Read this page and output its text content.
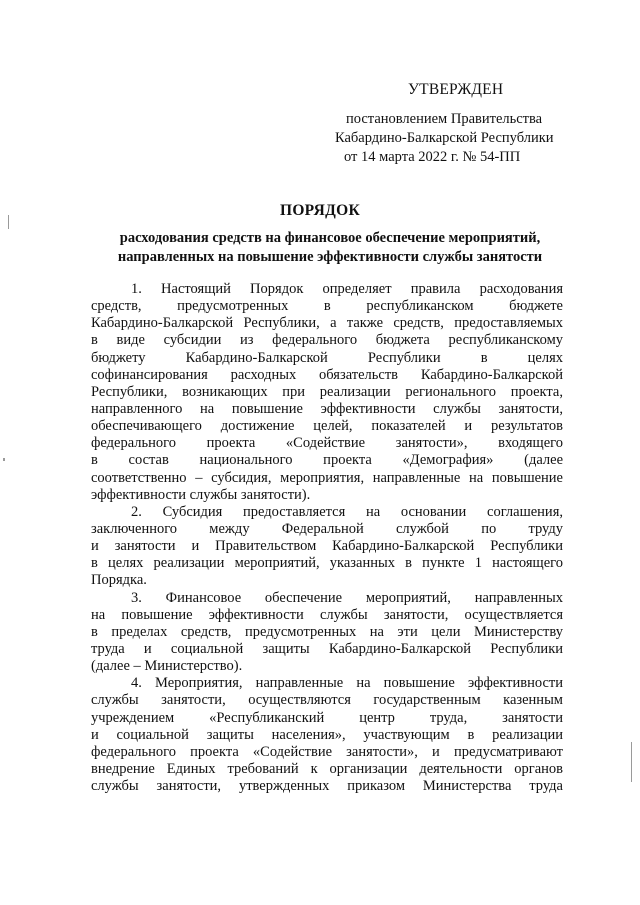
УТВЕРЖДЕН
постановлением Правительства
Кабардино-Балкарской Республики
от 14 марта 2022 г. № 54-ПП
ПОРЯДОК
расходования средств на финансовое обеспечение мероприятий,
направленных на повышение эффективности службы занятости
1. Настоящий Порядок определяет правила расходования
средств, предусмотренных в республиканском бюджете
Кабардино-Балкарской Республики, а также средств, предоставляемых
в виде субсидии из федерального бюджета республиканскому
бюджету Кабардино-Балкарской Республики в целях
софинансирования расходных обязательств Кабардино-Балкарской
Республики, возникающих при реализации регионального проекта,
направленного на повышение эффективности службы занятости,
обеспечивающего достижение целей, показателей и результатов
федерального проекта «Содействие занятости», входящего
в состав национального проекта «Демография» (далее
соответственно – субсидия, мероприятия, направленные на повышение
эффективности службы занятости).
2. Субсидия предоставляется на основании соглашения,
заключенного между Федеральной службой по труду
и занятости и Правительством Кабардино-Балкарской Республики
в целях реализации мероприятий, указанных в пункте 1 настоящего
Порядка.
3. Финансовое обеспечение мероприятий, направленных
на повышение эффективности службы занятости, осуществляется
в пределах средств, предусмотренных на эти цели Министерству
труда и социальной защиты Кабардино-Балкарской Республики
(далее – Министерство).
4. Мероприятия, направленные на повышение эффективности
службы занятости, осуществляются государственным казенным
учреждением «Республиканский центр труда, занятости
и социальной защиты населения», участвующим в реализации
федерального проекта «Содействие занятости», и предусматривают
внедрение Единых требований к организации деятельности органов
службы занятости, утвержденных приказом Министерства труда
